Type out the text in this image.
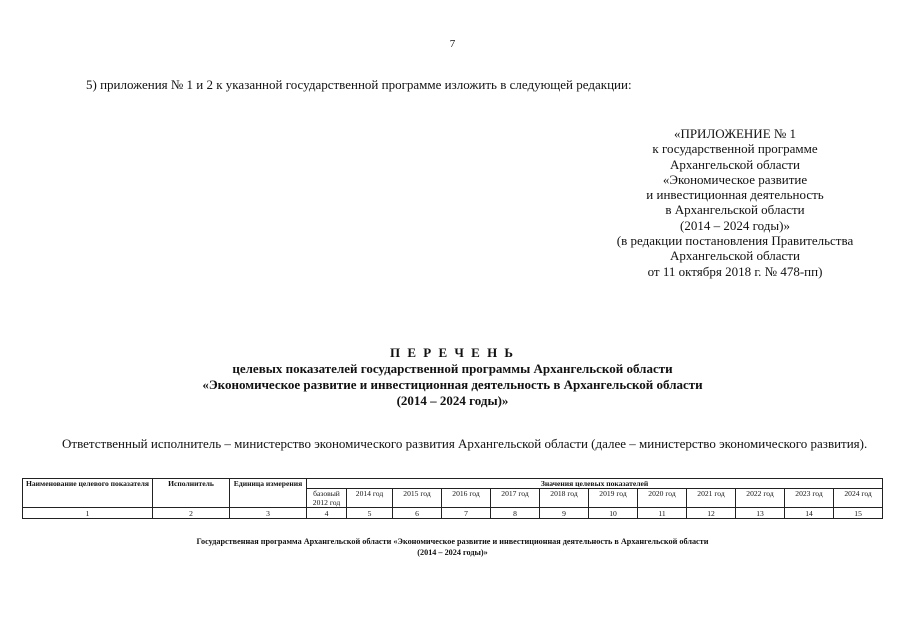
7
5) приложения № 1 и 2 к указанной государственной программе изложить в следующей редакции:
«ПРИЛОЖЕНИЕ № 1
к государственной программе
Архангельской области
«Экономическое развитие
и инвестиционная деятельность
в Архангельской области
(2014 – 2024 годы)»
(в редакции постановления Правительства
Архангельской области
от 11 октября 2018 г. № 478-пп)
П Е Р Е Ч Е Н Ь
целевых показателей государственной программы Архангельской области
«Экономическое развитие и инвестиционная деятельность в Архангельской области
(2014 – 2024 годы)»
Ответственный исполнитель – министерство экономического развития Архангельской области (далее – министерство экономического развития).
Наименование целевого показателя	Исполнитель	Единица измерения	Значения целевых показателей											
			базовый 2012 год	2014 год	2015 год	2016 год	2017 год	2018 год	2019 год	2020 год	2021 год	2022 год	2023 год	2024 год
1	2	3	4	5	6	7	8	9	10	11	12	13	14	15
Государственная программа Архангельской области «Экономическое развитие и инвестиционная деятельность в Архангельской области
(2014 – 2024 годы)»
